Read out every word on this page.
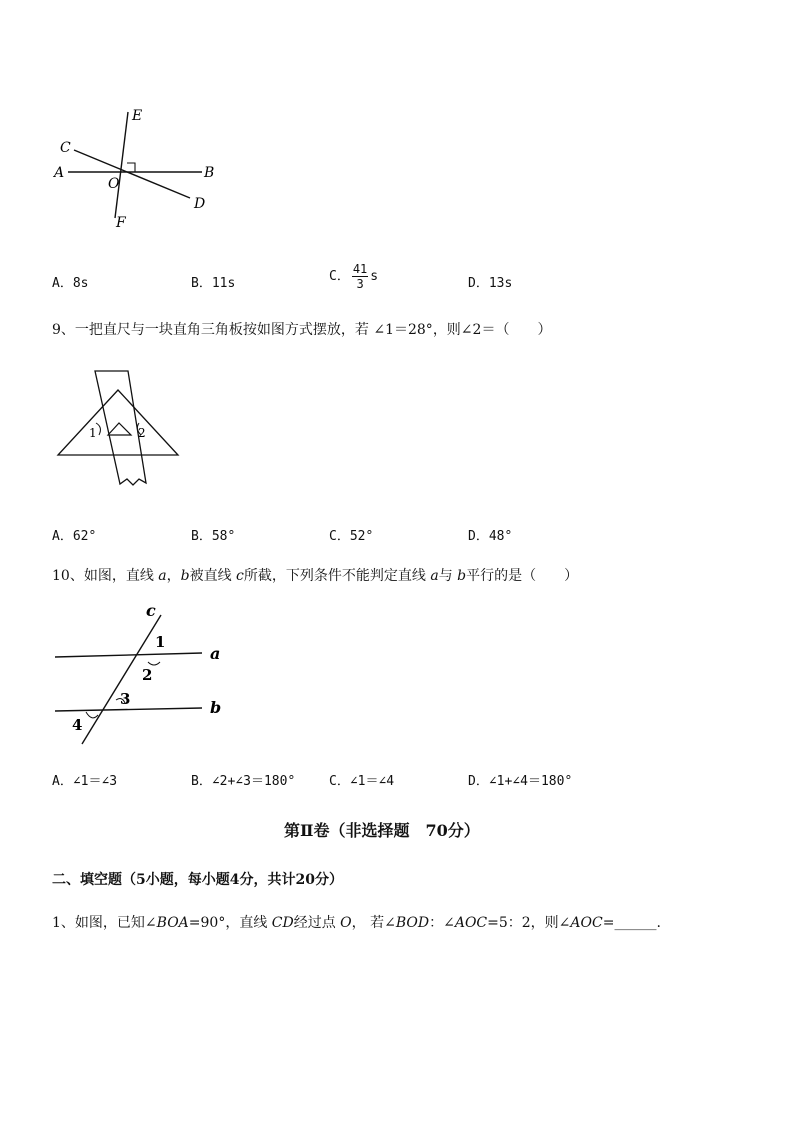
E
C
A
O
B
D
F
A．8s	B．11s	C． $\frac{41}{3}$ s	D．13s
9、一把直尺与一块直角三角板按如图方式摆放，若 ∠1＝28°，则∠2＝（　　）
1	2
A．62°	B．58°	C．52°	D．48°
10、如图，直线 a，b被直线 c所截，下列条件不能判定直线 a与 b平行的是（　　）
c
a
b
1
2
3
4
A．∠1＝∠3	B．∠2+∠3＝180°	C．∠1＝∠4	D．∠1+∠4＝180°
第Ⅱ卷（非选择题　70分）
二、填空题（5小题，每小题4分，共计20分）
1、如图，已知∠BOA=90°，直线 CD经过点 O， 若∠BOD：∠AOC=5：2，则∠AOC=______.
